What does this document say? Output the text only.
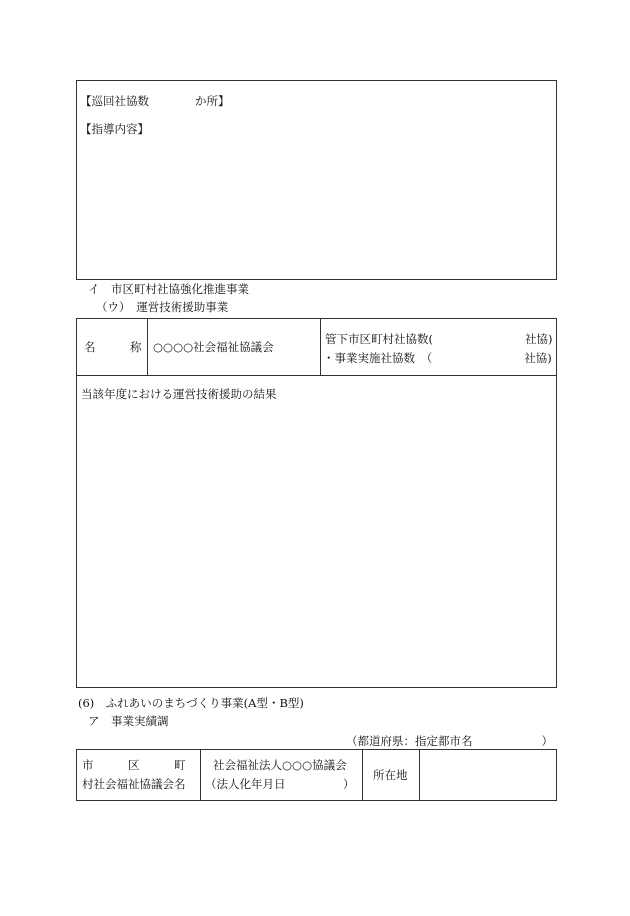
【巡回社協数　　　　か所】
【指導内容】
イ　市区町村社協強化推進事業
（ウ）　運営技術援助事業
名	称 ○○○○社会福祉協議会
管下市区町村社協数(　　　　　　　　社協)
・事業実施社協数　（　　　　　　　　社協)
当該年度における運営技術援助の結果
(6)　ふれあいのまちづくり事業(A型・B型)
ア　事業実績調
（都道府県：指定都市名　　　　　　）
市　　　区　　　町
村社会福祉協議会名
社会福祉法人○○○協議会
（法人化年月日　　　　　）
所在地
